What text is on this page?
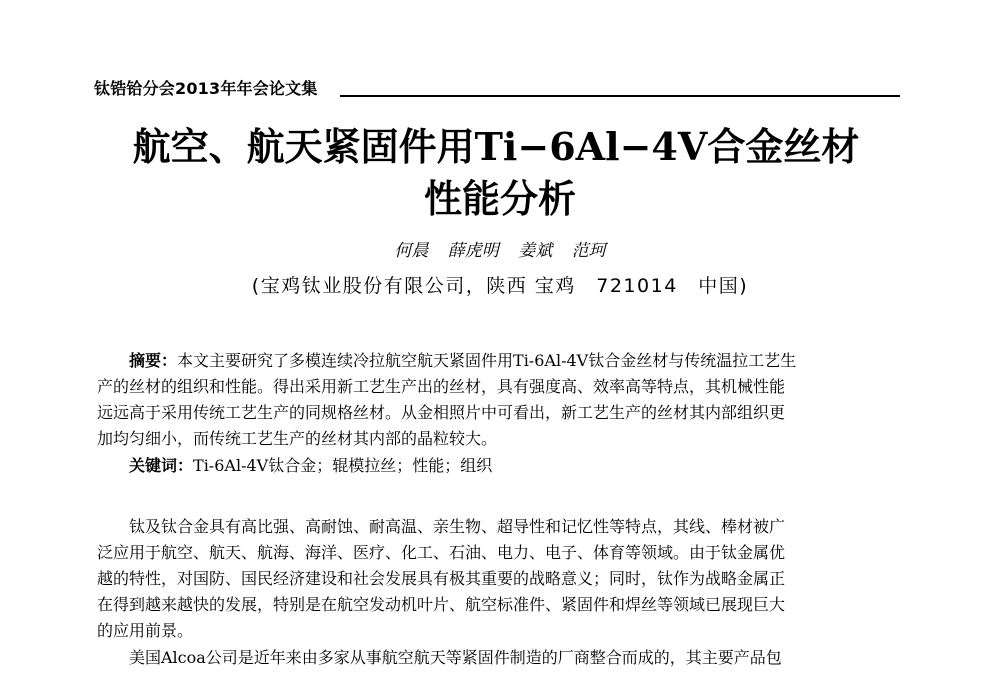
钛锆铪分会2013年年会论文集
航空、航天紧固件用Ti−6Al−4V合金丝材
性能分析
何晨 薛虎明 姜斌 范珂
(宝鸡钛业股份有限公司，陕西 宝鸡　721014　中国)
摘要：本文主要研究了多模连续冷拉航空航天紧固件用Ti-6Al-4V钛合金丝材与传统温拉工艺生
产的丝材的组织和性能。得出采用新工艺生产出的丝材，具有强度高、效率高等特点，其机械性能
远远高于采用传统工艺生产的同规格丝材。从金相照片中可看出，新工艺生产的丝材其内部组织更
加均匀细小，而传统工艺生产的丝材其内部的晶粒较大。
关键词：Ti-6Al-4V钛合金；辊模拉丝；性能；组织
钛及钛合金具有高比强、高耐蚀、耐高温、亲生物、超导性和记忆性等特点，其线、棒材被广
泛应用于航空、航天、航海、海洋、医疗、化工、石油、电力、电子、体育等领域。由于钛金属优
越的特性，对国防、国民经济建设和社会发展具有极其重要的战略意义；同时，钛作为战略金属正
在得到越来越快的发展，特别是在航空发动机叶片、航空标准件、紧固件和焊丝等领域已展现巨大
的应用前景。
美国Alcoa公司是近年来由多家从事航空航天等紧固件制造的厂商整合而成的，其主要产品包
